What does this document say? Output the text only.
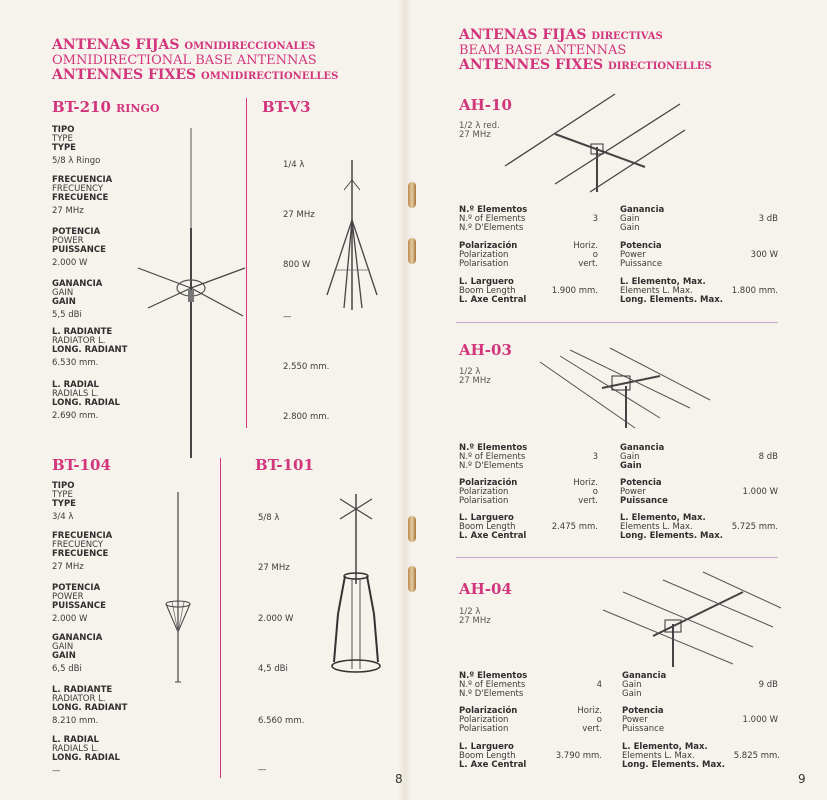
ANTENAS FIJAS OMNIDIRECCIONALES
OMNIDIRECTIONAL BASE ANTENNAS
ANTENNES FIXES OMNIDIRECTIONELLES
BT-210 RINGO	BT-V3
TIPO
TYPE
TYPE
5/8 λ Ringo
FRECUENCIA
FRECUENCY
FRECUENCE
27 MHz
POTENCIA
POWER
PUISSANCE
2.000 W
GANANCIA
GAIN
GAIN
5,5 dBi
L. RADIANTE
RADIATOR L.
LONG. RADIANT
6.530 mm.
L. RADIAL
RADIALS L.
LONG. RADIAL
2.690 mm.
1/4 λ
27 MHz
800 W
—
2.550 mm.
2.800 mm.
BT-104	BT-101
TIPO
TYPE
TYPE
3/4 λ
FRECUENCIA
FRECUENCY
FRECUENCE
27 MHz
POTENCIA
POWER
PUISSANCE
2.000 W
GANANCIA
GAIN
GAIN
6,5 dBi
L. RADIANTE
RADIATOR L.
LONG. RADIANT
8.210 mm.
L. RADIAL
RADIALS L.
LONG. RADIAL
—
5/8 λ
27 MHz
2.000 W
4,5 dBi
6.560 mm.
—
8
ANTENAS FIJAS DIRECTIVAS
BEAM BASE ANTENNAS
ANTENNES FIXES DIRECTIONELLES
AH-10
1/2 λ red.
27 MHz
N.º Elementos
N.º of Elements
N.º D'Elements
3
Polarización
Polarization
Polarisation
Horiz.
o
vert.
L. Larguero
Boom Length
L. Axe Central
1.900 mm.
Ganancia
Gain
Gain
3 dB
Potencia
Power
Puissance
300 W
L. Elemento, Max.
Elements L. Max.
Long. Elements. Max.
1.800 mm.
AH-03
1/2 λ
27 MHz
N.º Elementos
N.º of Elements
N.º D'Elements
3
Polarización
Polarization
Polarisation
Horiz.
o
vert.
L. Larguero
Boom Length
L. Axe Central
2.475 mm.
Ganancia
Gain
Gain
8 dB
Potencia
Power
Puissance
1.000 W
L. Elemento, Max.
Elements L. Max.
Long. Elements. Max.
5.725 mm.
AH-04
1/2 λ
27 MHz
N.º Elementos
N.º of Elements
N.º D'Elements
4
Polarización
Polarization
Polarisation
Horiz.
o
vert.
L. Larguero
Boom Length
L. Axe Central
3.790 mm.
Ganancia
Gain
Gain
9 dB
Potencia
Power
Puissance
1.000 W
L. Elemento, Max.
Elements L. Max.
Long. Elements. Max.
5.825 mm.
9
